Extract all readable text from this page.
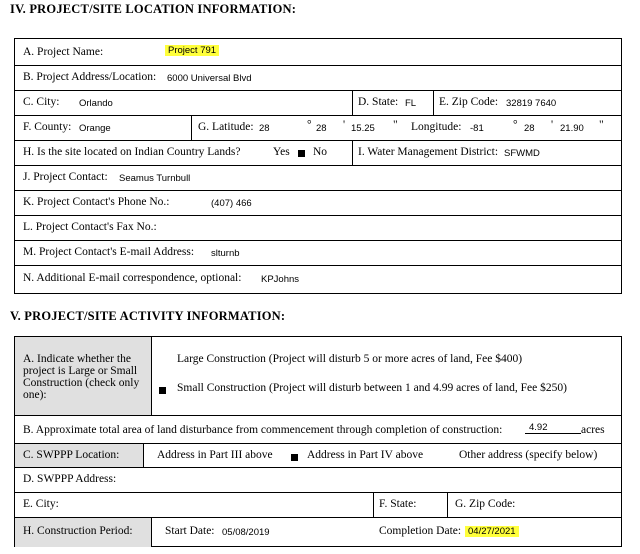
IV. PROJECT/SITE LOCATION INFORMATION:
A. Project Name:	Project 791
B. Project Address/Location: 6000 Universal Blvd
C. City: Orlando	D. State: FL E. Zip Code: 32819 7640
F. County: Orange	G. Latitude: 28	° 28 ' 15.25 " Longitude: -81	° 28 ' 21.90 "
H. Is the site located on Indian Country Lands?	Yes No	I. Water Management District: SFWMD
J. Project Contact: Seamus Turnbull
K. Project Contact's Phone No.:	(407) 466
L. Project Contact's Fax No.:
M. Project Contact's E-mail Address: slturnb
N. Additional E-mail correspondence, optional: KPJohns
V. PROJECT/SITE ACTIVITY INFORMATION:
A. Indicate whether the
project is Large or Small
Construction (check only
one):
Large Construction (Project will disturb 5 or more acres of land, Fee $400)
Small Construction (Project will disturb between 1 and 4.99 acres of land, Fee $250)
B. Approximate total area of land disturbance from commencement through completion of construction:	4.92	acres
C. SWPPP Location:	Address in Part III above	Address in Part IV above	Other address (specify below)
D. SWPPP Address:
E. City:	F. State:	G. Zip Code:
H. Construction Period:	Start Date: 05/08/2019	Completion Date: 04/27/2021
